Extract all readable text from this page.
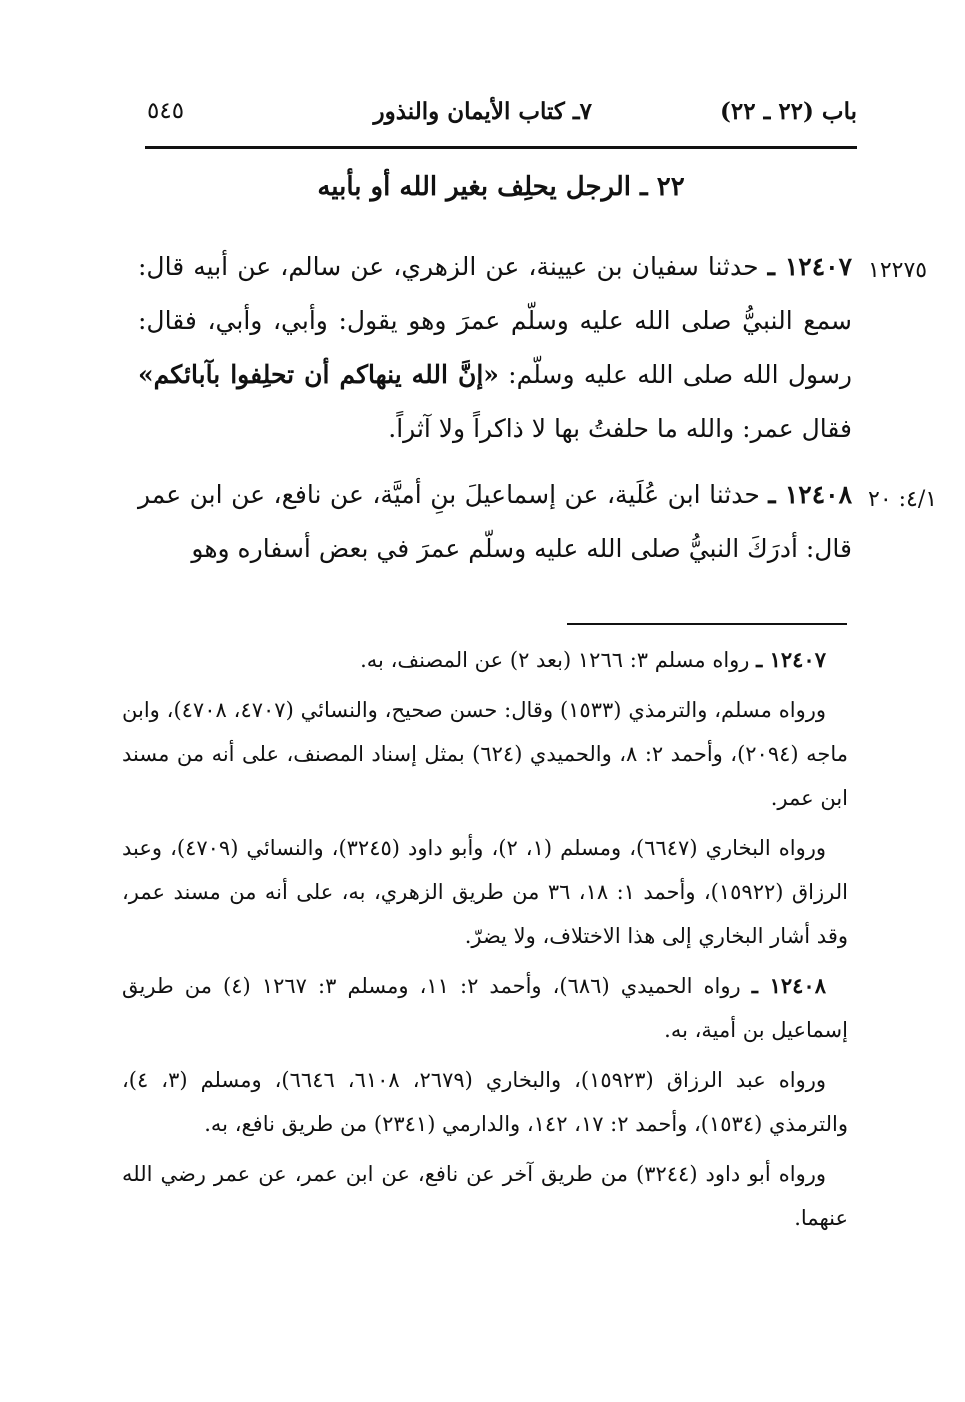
باب (٢٢ ـ ٢٢)
٧ـ كتاب الأيمان والنذور
٥٤٥
٢٢ ـ الرجل يحلِف بغير الله أو بأبيه
١٢٢٧٥
١٢٤٠٧ ـ حدثنا سفيان بن عيينة، عن الزهري، عن سالم، عن أبيه قال: سمع النبيُّ صلى الله عليه وسلّم عمرَ وهو يقول: وأبي، وأبي، فقال: رسول الله صلى الله عليه وسلّم: «إنَّ الله ينهاكم أن تحلِفوا بآبائكم» فقال عمر: والله ما حلفتُ بها لا ذاكراً ولا آثراً.
٤/١: ٢٠
١٢٤٠٨ ـ حدثنا ابن عُلَية، عن إسماعيلَ بنِ أميَّة، عن نافع، عن ابن عمر قال: أدرَكَ النبيُّ صلى الله عليه وسلّم عمرَ في بعض أسفاره وهو

١٢٤٠٧ ـ رواه مسلم ٣: ١٢٦٦ (بعد ٢) عن المصنف، به.

ورواه مسلم، والترمذي (١٥٣٣) وقال: حسن صحيح، والنسائي (٤٧٠٧، ٤٧٠٨)، وابن ماجه (٢٠٩٤)، وأحمد ٢: ٨، والحميدي (٦٢٤) بمثل إسناد المصنف، على أنه من مسند ابن عمر.

ورواه البخاري (٦٦٤٧)، ومسلم (١، ٢)، وأبو داود (٣٢٤٥)، والنسائي (٤٧٠٩)، وعبد الرزاق (١٥٩٢٢)، وأحمد ١: ١٨، ٣٦ من طريق الزهري، به، على أنه من مسند عمر، وقد أشار البخاري إلى هذا الاختلاف، ولا يضرّ.

١٢٤٠٨ ـ رواه الحميدي (٦٨٦)، وأحمد ٢: ١١، ومسلم ٣: ١٢٦٧ (٤) من طريق إسماعيل بن أمية، به.

ورواه عبد الرزاق (١٥٩٢٣)، والبخاري (٢٦٧٩، ٦١٠٨، ٦٦٤٦)، ومسلم (٣، ٤)، والترمذي (١٥٣٤)، وأحمد ٢: ١٧، ١٤٢، والدارمي (٢٣٤١) من طريق نافع، به.

ورواه أبو داود (٣٢٤٤) من طريق آخر عن نافع، عن ابن عمر، عن عمر رضي الله عنهما.
